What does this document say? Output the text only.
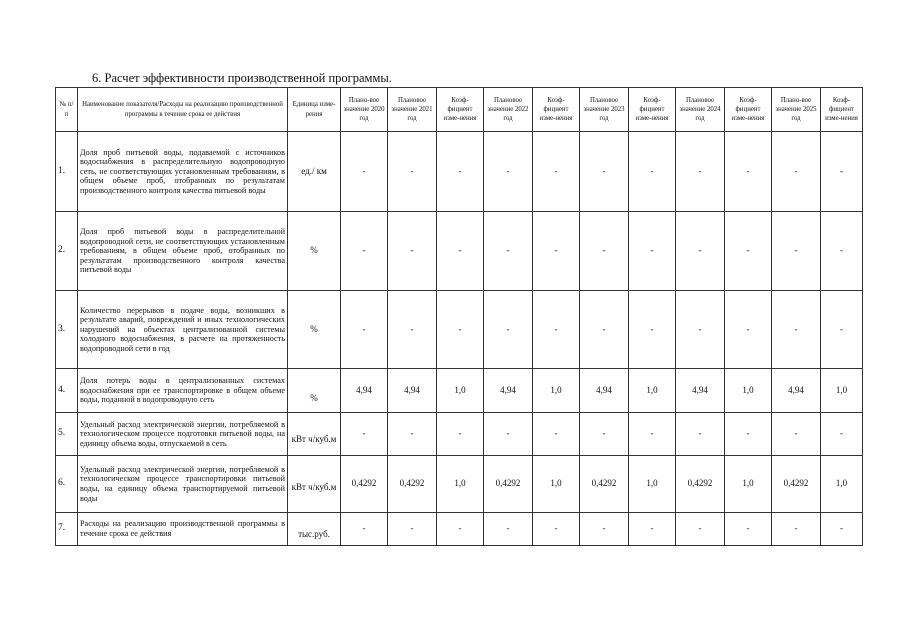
6. Расчет эффективности производственной программы.
№ п/п	Наименование показателя/Расходы на реализацию производственной программы в течение срока ее действия	Единица изме-рения	Плано-вое значение 2020 год	Плановое значение 2021 год	Коэф-фициент изме-нения	Плановое значение 2022 год	Коэф-фициент изме-нения	Плановое значение 2023 год	Коэф-фициент изме-нения	Плановое значение 2024 год	Коэф-фициент изме-нения	Плано-вое значение 2025 год	Коэф-фициент изме-нения
1.	Доля проб питьевой воды, подаваемой с источников водоснабжения в распределительную водопроводную сеть, не соответствующих установленным требованиям, в общем объеме проб, отобранных по результатам производственного контроля качества питьевой воды	ед./ км	-	-	-	-	-	-	-	-	-	-	-
2.	Доля проб питьевой воды в распределительной водопроводной сети, не соответствующих установленным требованиям, в общем объеме проб, отобранных по результатам производственного контроля качества питьевой воды	%	-	-	-	-	-	-	-	-	-	-	-
3.	Количество перерывов в подаче воды, возникших в результате аварий, повреждений и иных технологических нарушений на объектах централизованной системы холодного водоснабжения, в расчете на протяженность водопроводной сети в год	%	-	-	-	-	-	-	-	-	-	-	-
4.	Доля потерь воды в централизованных системах водоснабжения при ее транспортировке в общем объеме воды, поданной в водопроводную сеть	%	4,94	4,94	1,0	4,94	1,0	4,94	1,0	4,94	1,0	4,94	1,0
5.	Удельный расход электрической энергии, потребляемой в технологическом процессе подготовки питьевой воды, на единицу объема воды, отпускаемой в сеть	кВт ч/куб.м	-	-	-	-	-	-	-	-	-	-	-
6.	Удельный расход электрической энергии, потребляемой в технологическом процессе транспортировки питьевой воды, на единицу объема транспортируемой питьевой воды	кВт ч/куб.м	0,4292	0,4292	1,0	0,4292	1,0	0,4292	1,0	0,4292	1,0	0,4292	1,0
7.	Расходы на реализацию производственной программы в течение срока ее действия	тыс.руб.	-	-	-	-	-	-	-	-	-	-	-
